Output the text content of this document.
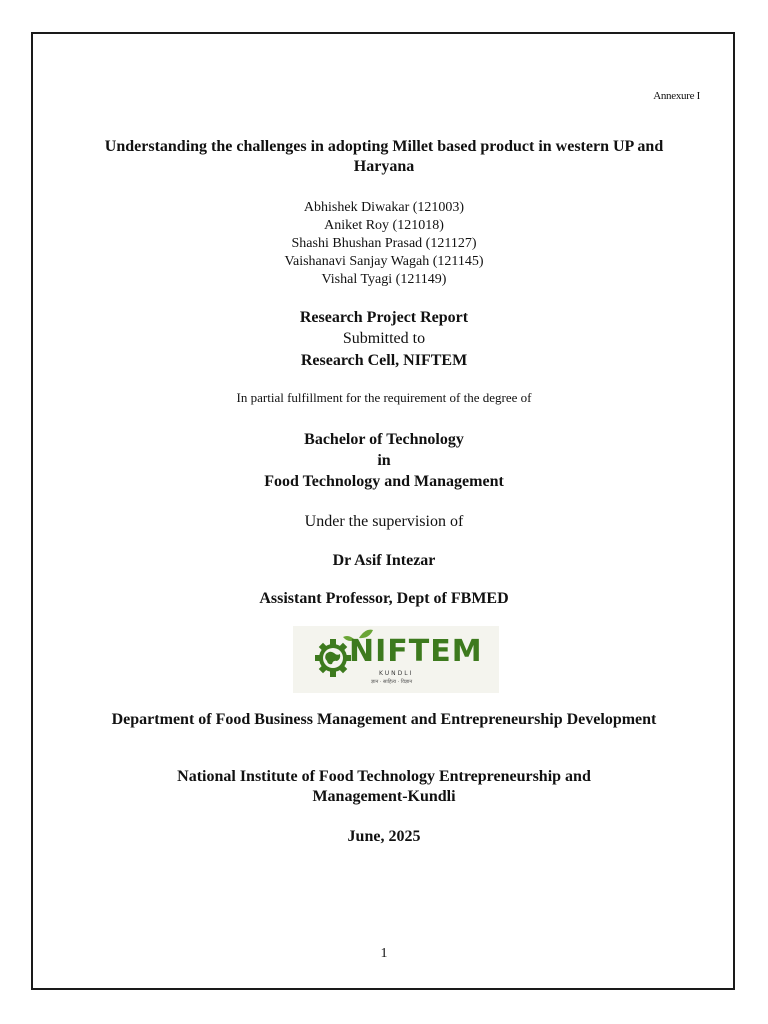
Annexure I
Understanding the challenges in adopting Millet based product in western UP and Haryana
Abhishek Diwakar (121003)
Aniket Roy (121018)
Shashi Bhushan Prasad (121127)
Vaishanavi Sanjay Wagah (121145)
Vishal Tyagi (121149)
Research Project Report
Submitted to
Research Cell, NIFTEM
In partial fulfillment for the requirement of the degree of
Bachelor of Technology
in
Food Technology and Management
Under the supervision of
Dr Asif Intezar
Assistant Professor, Dept of FBMED
NIFTEM
KUNDLI
ज्ञान · साहित्य · विज्ञान
Department of Food Business Management and Entrepreneurship Development
National Institute of Food Technology Entrepreneurship and Management-Kundli
June, 2025
1
